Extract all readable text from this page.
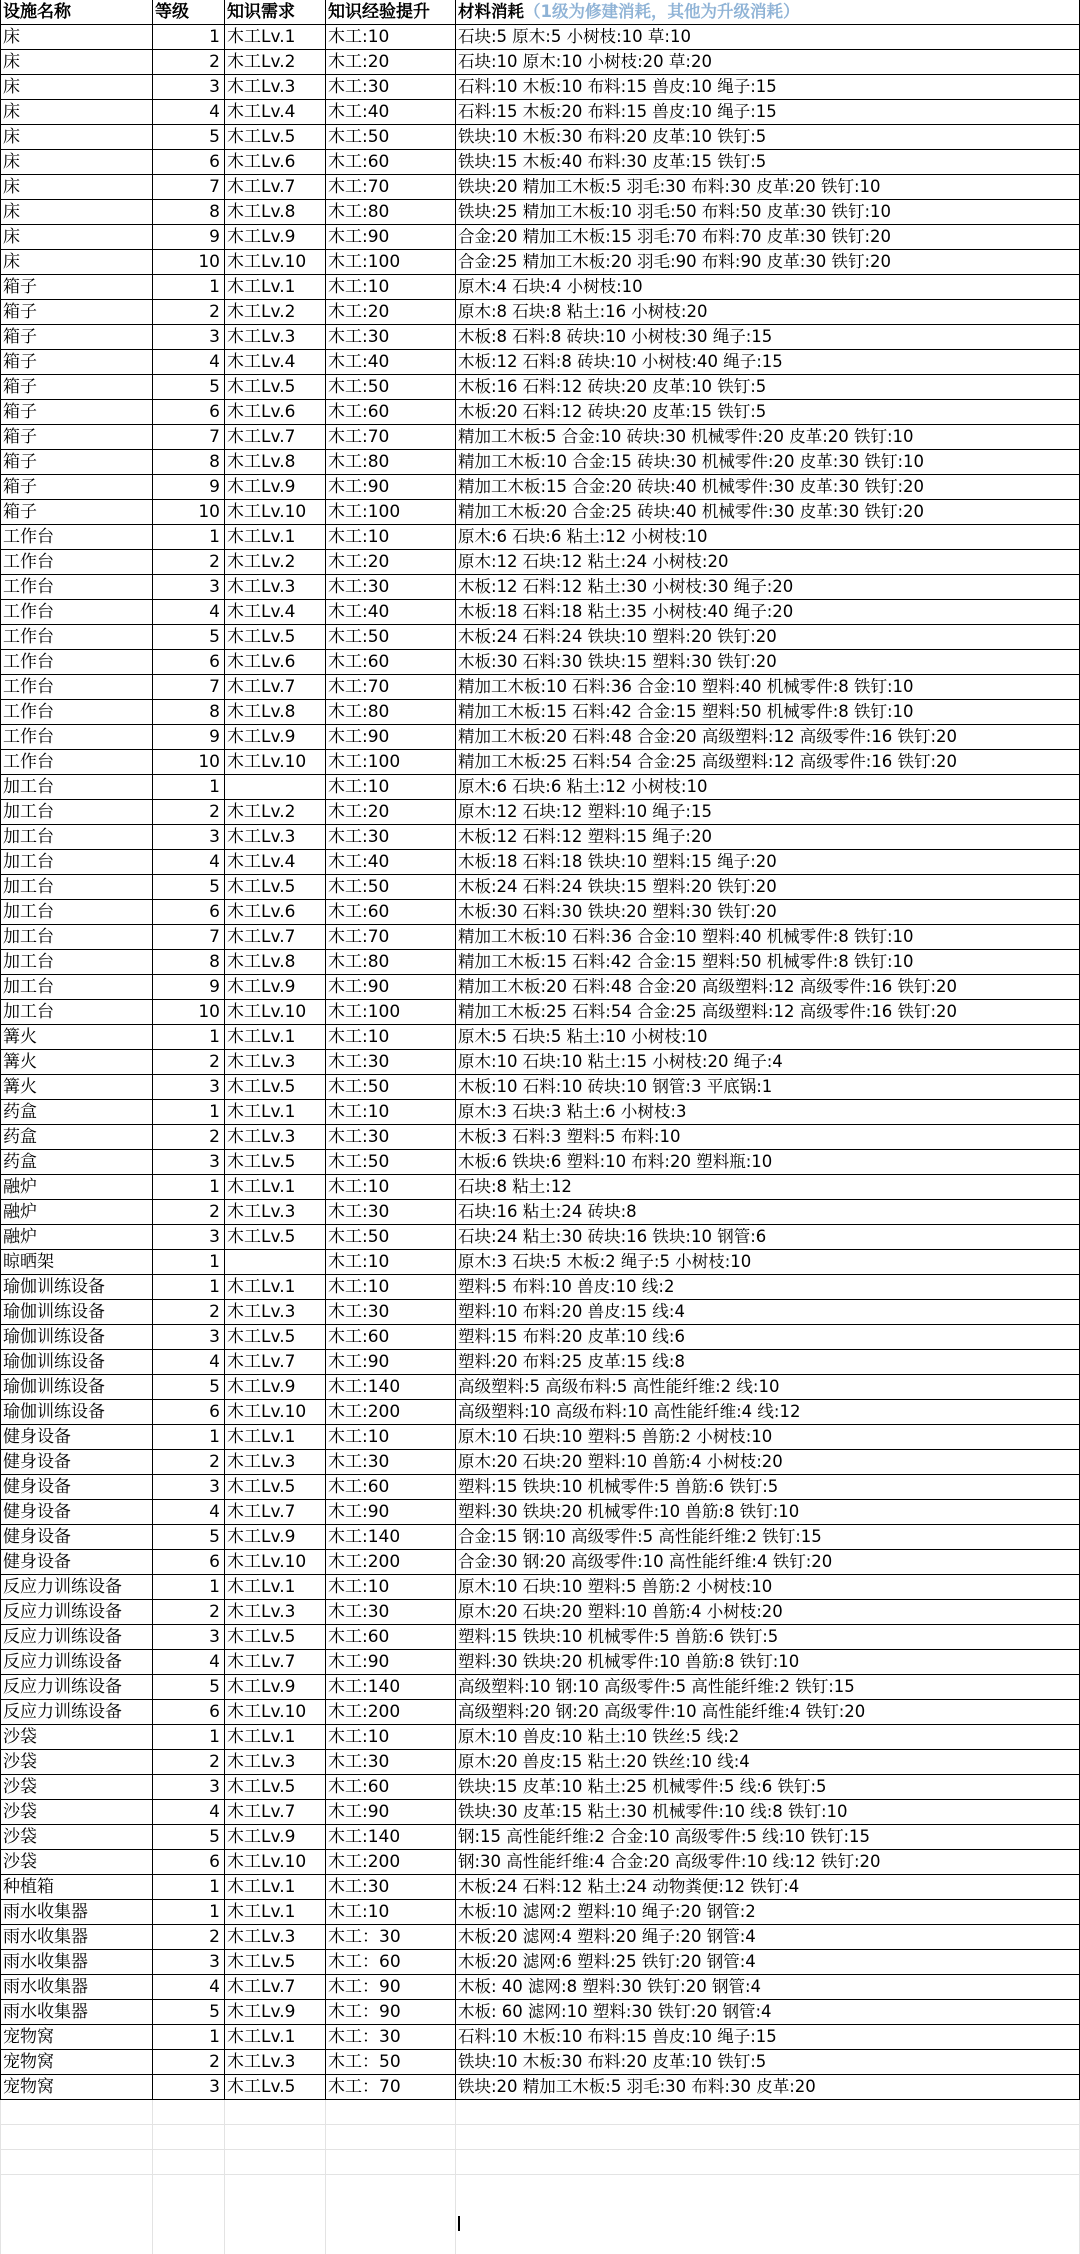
设施名称	等级	知识需求	知识经验提升	材料消耗（1级为修建消耗，其他为升级消耗）
床	1 木工Lv.1	木工:10	石块:5 原木:5 小树枝:10 草:10
床	2 木工Lv.2	木工:20	石块:10 原木:10 小树枝:20 草:20
床	3 木工Lv.3	木工:30	石料:10 木板:10 布料:15 兽皮:10 绳子:15
床	4 木工Lv.4	木工:40	石料:15 木板:20 布料:15 兽皮:10 绳子:15
床	5 木工Lv.5	木工:50	铁块:10 木板:30 布料:20 皮革:10 铁钉:5
床	6 木工Lv.6	木工:60	铁块:15 木板:40 布料:30 皮革:15 铁钉:5
床	7 木工Lv.7	木工:70	铁块:20 精加工木板:5 羽毛:30 布料:30 皮革:20 铁钉:10
床	8 木工Lv.8	木工:80	铁块:25 精加工木板:10 羽毛:50 布料:50 皮革:30 铁钉:10
床	9 木工Lv.9	木工:90	合金:20 精加工木板:15 羽毛:70 布料:70 皮革:30 铁钉:20
床	10 木工Lv.10	木工:100	合金:25 精加工木板:20 羽毛:90 布料:90 皮革:30 铁钉:20
箱子	1 木工Lv.1	木工:10	原木:4 石块:4 小树枝:10
箱子	2 木工Lv.2	木工:20	原木:8 石块:8 粘土:16 小树枝:20
箱子	3 木工Lv.3	木工:30	木板:8 石料:8 砖块:10 小树枝:30 绳子:15
箱子	4 木工Lv.4	木工:40	木板:12 石料:8 砖块:10 小树枝:40 绳子:15
箱子	5 木工Lv.5	木工:50	木板:16 石料:12 砖块:20 皮革:10 铁钉:5
箱子	6 木工Lv.6	木工:60	木板:20 石料:12 砖块:20 皮革:15 铁钉:5
箱子	7 木工Lv.7	木工:70	精加工木板:5 合金:10 砖块:30 机械零件:20 皮革:20 铁钉:10
箱子	8 木工Lv.8	木工:80	精加工木板:10 合金:15 砖块:30 机械零件:20 皮革:30 铁钉:10
箱子	9 木工Lv.9	木工:90	精加工木板:15 合金:20 砖块:40 机械零件:30 皮革:30 铁钉:20
箱子	10 木工Lv.10	木工:100	精加工木板:20 合金:25 砖块:40 机械零件:30 皮革:30 铁钉:20
工作台	1 木工Lv.1	木工:10	原木:6 石块:6 粘土:12 小树枝:10
工作台	2 木工Lv.2	木工:20	原木:12 石块:12 粘土:24 小树枝:20
工作台	3 木工Lv.3	木工:30	木板:12 石料:12 粘土:30 小树枝:30 绳子:20
工作台	4 木工Lv.4	木工:40	木板:18 石料:18 粘土:35 小树枝:40 绳子:20
工作台	5 木工Lv.5	木工:50	木板:24 石料:24 铁块:10 塑料:20 铁钉:20
工作台	6 木工Lv.6	木工:60	木板:30 石料:30 铁块:15 塑料:30 铁钉:20
工作台	7 木工Lv.7	木工:70	精加工木板:10 石料:36 合金:10 塑料:40 机械零件:8 铁钉:10
工作台	8 木工Lv.8	木工:80	精加工木板:15 石料:42 合金:15 塑料:50 机械零件:8 铁钉:10
工作台	9 木工Lv.9	木工:90	精加工木板:20 石料:48 合金:20 高级塑料:12 高级零件:16 铁钉:20
工作台	10 木工Lv.10	木工:100	精加工木板:25 石料:54 合金:25 高级塑料:12 高级零件:16 铁钉:20
加工台	1	木工:10	原木:6 石块:6 粘土:12 小树枝:10
加工台	2 木工Lv.2	木工:20	原木:12 石块:12 塑料:10 绳子:15
加工台	3 木工Lv.3	木工:30	木板:12 石料:12 塑料:15 绳子:20
加工台	4 木工Lv.4	木工:40	木板:18 石料:18 铁块:10 塑料:15 绳子:20
加工台	5 木工Lv.5	木工:50	木板:24 石料:24 铁块:15 塑料:20 铁钉:20
加工台	6 木工Lv.6	木工:60	木板:30 石料:30 铁块:20 塑料:30 铁钉:20
加工台	7 木工Lv.7	木工:70	精加工木板:10 石料:36 合金:10 塑料:40 机械零件:8 铁钉:10
加工台	8 木工Lv.8	木工:80	精加工木板:15 石料:42 合金:15 塑料:50 机械零件:8 铁钉:10
加工台	9 木工Lv.9	木工:90	精加工木板:20 石料:48 合金:20 高级塑料:12 高级零件:16 铁钉:20
加工台	10 木工Lv.10	木工:100	精加工木板:25 石料:54 合金:25 高级塑料:12 高级零件:16 铁钉:20
篝火	1 木工Lv.1	木工:10	原木:5 石块:5 粘土:10 小树枝:10
篝火	2 木工Lv.3	木工:30	原木:10 石块:10 粘土:15 小树枝:20 绳子:4
篝火	3 木工Lv.5	木工:50	木板:10 石料:10 砖块:10 钢管:3 平底锅:1
药盒	1 木工Lv.1	木工:10	原木:3 石块:3 粘土:6 小树枝:3
药盒	2 木工Lv.3	木工:30	木板:3 石料:3 塑料:5 布料:10
药盒	3 木工Lv.5	木工:50	木板:6 铁块:6 塑料:10 布料:20 塑料瓶:10
融炉	1 木工Lv.1	木工:10	石块:8 粘土:12
融炉	2 木工Lv.3	木工:30	石块:16 粘土:24 砖块:8
融炉	3 木工Lv.5	木工:50	石块:24 粘土:30 砖块:16 铁块:10 钢管:6
晾晒架	1	木工:10	原木:3 石块:5 木板:2 绳子:5 小树枝:10
瑜伽训练设备	1 木工Lv.1	木工:10	塑料:5 布料:10 兽皮:10 线:2
瑜伽训练设备	2 木工Lv.3	木工:30	塑料:10 布料:20 兽皮:15 线:4
瑜伽训练设备	3 木工Lv.5	木工:60	塑料:15 布料:20 皮革:10 线:6
瑜伽训练设备	4 木工Lv.7	木工:90	塑料:20 布料:25 皮革:15 线:8
瑜伽训练设备	5 木工Lv.9	木工:140	高级塑料:5 高级布料:5 高性能纤维:2 线:10
瑜伽训练设备	6 木工Lv.10	木工:200	高级塑料:10 高级布料:10 高性能纤维:4 线:12
健身设备	1 木工Lv.1	木工:10	原木:10 石块:10 塑料:5 兽筋:2 小树枝:10
健身设备	2 木工Lv.3	木工:30	原木:20 石块:20 塑料:10 兽筋:4 小树枝:20
健身设备	3 木工Lv.5	木工:60	塑料:15 铁块:10 机械零件:5 兽筋:6 铁钉:5
健身设备	4 木工Lv.7	木工:90	塑料:30 铁块:20 机械零件:10 兽筋:8 铁钉:10
健身设备	5 木工Lv.9	木工:140	合金:15 钢:10 高级零件:5 高性能纤维:2 铁钉:15
健身设备	6 木工Lv.10	木工:200	合金:30 钢:20 高级零件:10 高性能纤维:4 铁钉:20
反应力训练设备	1 木工Lv.1	木工:10	原木:10 石块:10 塑料:5 兽筋:2 小树枝:10
反应力训练设备	2 木工Lv.3	木工:30	原木:20 石块:20 塑料:10 兽筋:4 小树枝:20
反应力训练设备	3 木工Lv.5	木工:60	塑料:15 铁块:10 机械零件:5 兽筋:6 铁钉:5
反应力训练设备	4 木工Lv.7	木工:90	塑料:30 铁块:20 机械零件:10 兽筋:8 铁钉:10
反应力训练设备	5 木工Lv.9	木工:140	高级塑料:10 钢:10 高级零件:5 高性能纤维:2 铁钉:15
反应力训练设备	6 木工Lv.10	木工:200	高级塑料:20 钢:20 高级零件:10 高性能纤维:4 铁钉:20
沙袋	1 木工Lv.1	木工:10	原木:10 兽皮:10 粘土:10 铁丝:5 线:2
沙袋	2 木工Lv.3	木工:30	原木:20 兽皮:15 粘土:20 铁丝:10 线:4
沙袋	3 木工Lv.5	木工:60	铁块:15 皮革:10 粘土:25 机械零件:5 线:6 铁钉:5
沙袋	4 木工Lv.7	木工:90	铁块:30 皮革:15 粘土:30 机械零件:10 线:8 铁钉:10
沙袋	5 木工Lv.9	木工:140	钢:15 高性能纤维:2 合金:10 高级零件:5 线:10 铁钉:15
沙袋	6 木工Lv.10	木工:200	钢:30 高性能纤维:4 合金:20 高级零件:10 线:12 铁钉:20
种植箱	1 木工Lv.1	木工:30	木板:24 石料:12 粘土:24 动物粪便:12 铁钉:4
雨水收集器	1 木工Lv.1	木工:10	木板:10 滤网:2 塑料:10 绳子:20 钢管:2
雨水收集器	2 木工Lv.3	木工：30	木板:20 滤网:4 塑料:20 绳子:20 钢管:4
雨水收集器	3 木工Lv.5	木工：60	木板:20 滤网:6 塑料:25 铁钉:20 钢管:4
雨水收集器	4 木工Lv.7	木工：90	木板: 40 滤网:8 塑料:30 铁钉:20 钢管:4
雨水收集器	5 木工Lv.9	木工：90	木板: 60 滤网:10 塑料:30 铁钉:20 钢管:4
宠物窝	1 木工Lv.1	木工：30	石料:10 木板:10 布料:15 兽皮:10 绳子:15
宠物窝	2 木工Lv.3	木工：50	铁块:10 木板:30 布料:20 皮革:10 铁钉:5
宠物窝	3 木工Lv.5	木工：70	铁块:20 精加工木板:5 羽毛:30 布料:30 皮革:20
